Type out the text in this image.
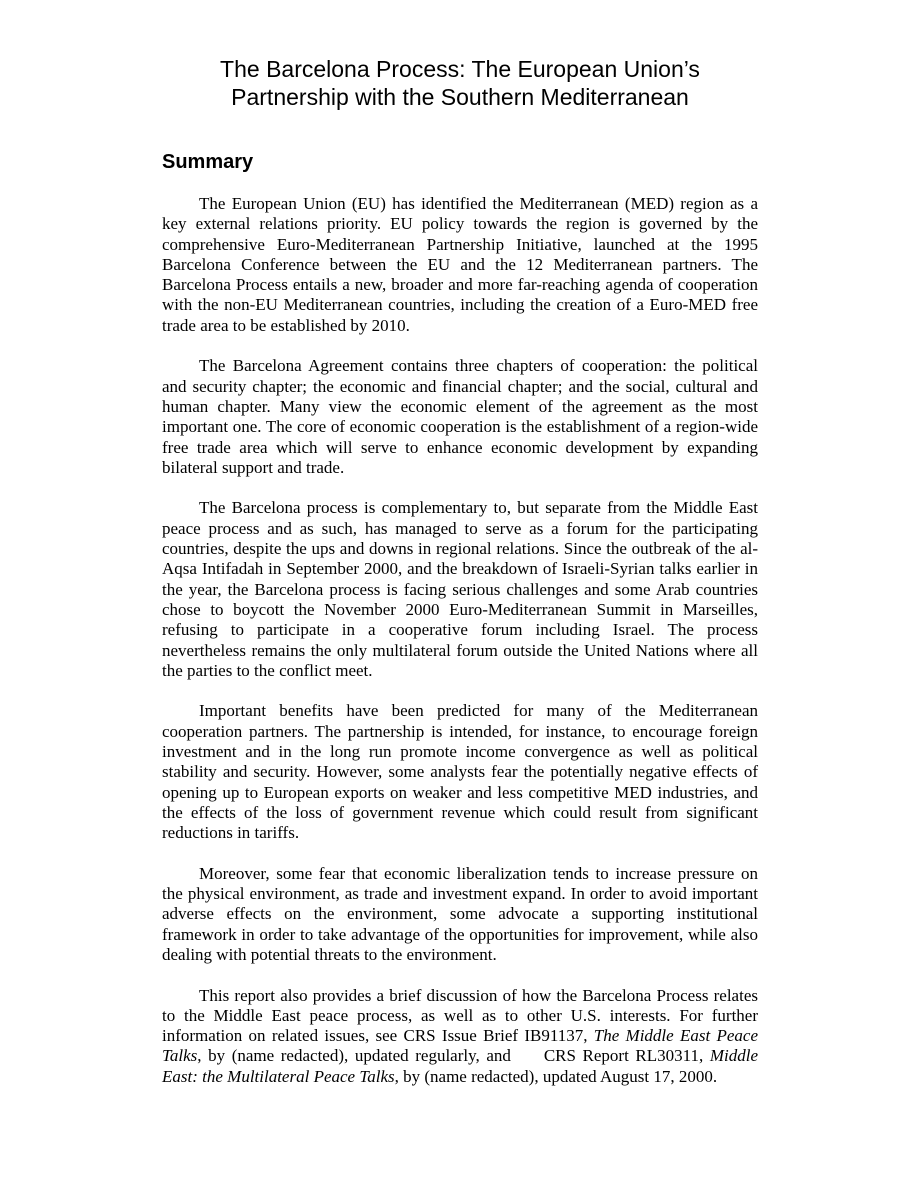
The Barcelona Process: The European Union’s
Partnership with the Southern Mediterranean
Summary

The European Union (EU) has identified the Mediterranean (MED) region as a key external relations priority. EU policy towards the region is governed by the comprehensive Euro-Mediterranean Partnership Initiative, launched at the 1995 Barcelona Conference between the EU and the 12 Mediterranean partners. The Barcelona Process entails a new, broader and more far-reaching agenda of cooperation with the non-EU Mediterranean countries, including the creation of a Euro-MED free trade area to be established by 2010.

The Barcelona Agreement contains three chapters of cooperation: the political and security chapter; the economic and financial chapter; and the social, cultural and human chapter. Many view the economic element of the agreement as the most important one. The core of economic cooperation is the establishment of a region-wide free trade area which will serve to enhance economic development by expanding bilateral support and trade.

The Barcelona process is complementary to, but separate from the Middle East peace process and as such, has managed to serve as a forum for the participating countries, despite the ups and downs in regional relations. Since the outbreak of the al-Aqsa Intifadah in September 2000, and the breakdown of Israeli-Syrian talks earlier in the year, the Barcelona process is facing serious challenges and some Arab countries chose to boycott the November 2000 Euro-Mediterranean Summit in Marseilles, refusing to participate in a cooperative forum including Israel. The process nevertheless remains the only multilateral forum outside the United Nations where all the parties to the conflict meet.

Important benefits have been predicted for many of the Mediterranean cooperation partners. The partnership is intended, for instance, to encourage foreign investment and in the long run promote income convergence as well as political stability and security. However, some analysts fear the potentially negative effects of opening up to European exports on weaker and less competitive MED industries, and the effects of the loss of government revenue which could result from significant reductions in tariffs.

Moreover, some fear that economic liberalization tends to increase pressure on the physical environment, as trade and investment expand. In order to avoid important adverse effects on the environment, some advocate a supporting institutional framework in order to take advantage of the opportunities for improvement, while also dealing with potential threats to the environment.

This report also provides a brief discussion of how the Barcelona Process relates to the Middle East peace process, as well as to other U.S. interests. For further information on related issues, see CRS Issue Brief IB91137, The Middle East Peace Talks, by (name redacted), updated regularly, and     CRS Report RL30311, Middle East: the Multilateral Peace Talks, by (name redacted), updated August 17, 2000.
